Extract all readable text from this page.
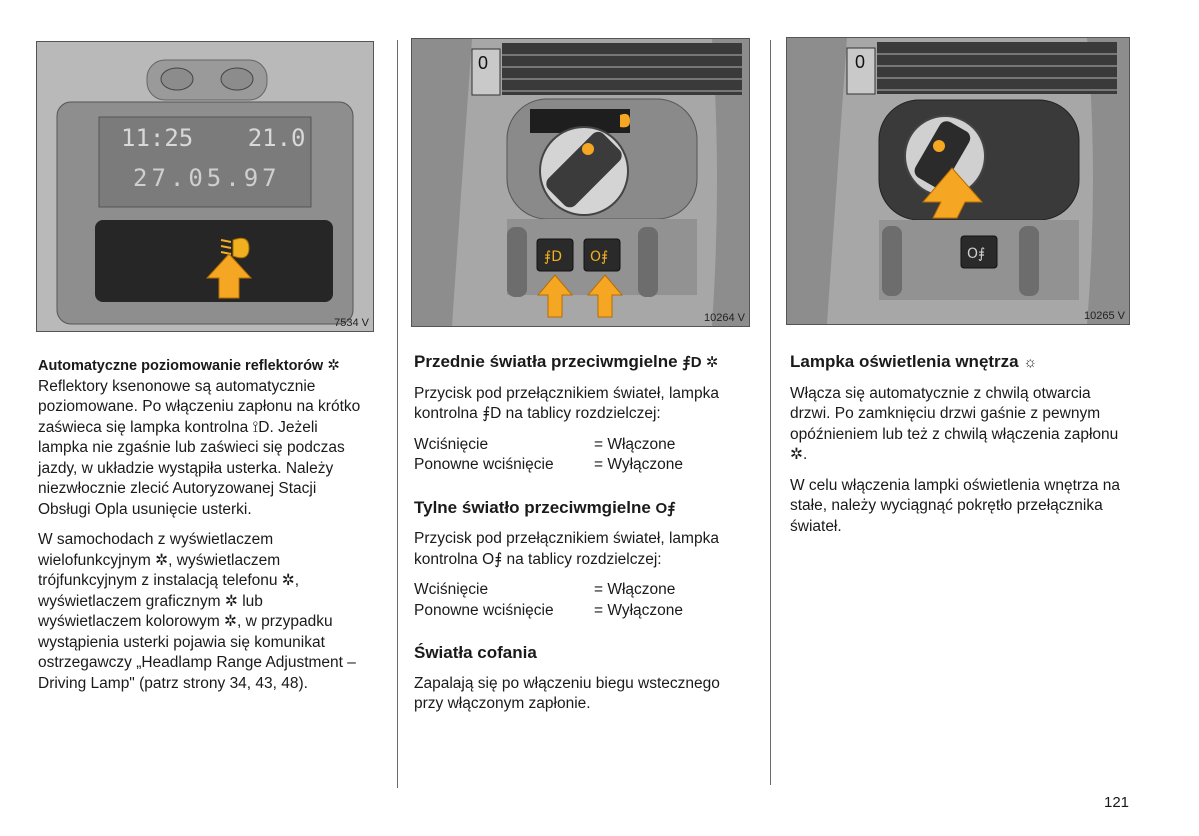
11:25 21.0
27.05.97
7534 V
⨎D O⨎
0
10264 V
O⨎
0
10265 V

Automatyczne poziomowanie reflektorów ✲

Reflektory ksenonowe są automatycznie poziomowane. Po włączeniu zapłonu na krótko zaświeca się lampka kontrolna ⟟D. Jeżeli lampka nie zgaśnie lub zaświeci się podczas jazdy, w układzie wystąpiła usterka. Należy niezwłocznie zlecić Autoryzowanej Stacji Obsługi Opla usunięcie usterki.

W samochodach z wyświetlaczem wielofunkcyjnym ✲, wyświetlaczem trójfunkcyjnym z instalacją telefonu ✲, wyświetlaczem graficznym ✲ lub wyświetlaczem kolorowym ✲, w przypadku wystąpienia usterki pojawia się komunikat ostrzegawczy „Headlamp Range Adjustment – Driving Lamp" (patrz strony 34, 43, 48).

Przednie światła przeciwmgielne ⨎D ✲

Przycisk pod przełącznikiem świateł, lampka kontrolna ⨎D na tablicy rozdzielczej:

Wciśnięcie	= Włączone
Ponowne wciśnięcie	= Wyłączone

Tylne światło przeciwmgielne O⨎

Przycisk pod przełącznikiem świateł, lampka kontrolna O⨎ na tablicy rozdzielczej:

Wciśnięcie	= Włączone
Ponowne wciśnięcie	= Wyłączone

Światła cofania

Zapalają się po włączeniu biegu wstecznego przy włączonym zapłonie.

Lampka oświetlenia wnętrza ☼

Włącza się automatycznie z chwilą otwarcia drzwi. Po zamknięciu drzwi gaśnie z pewnym opóźnieniem lub też z chwilą włączenia zapłonu ✲.

W celu włączenia lampki oświetlenia wnętrza na stałe, należy wyciągnąć pokrętło przełącznika świateł.

121
